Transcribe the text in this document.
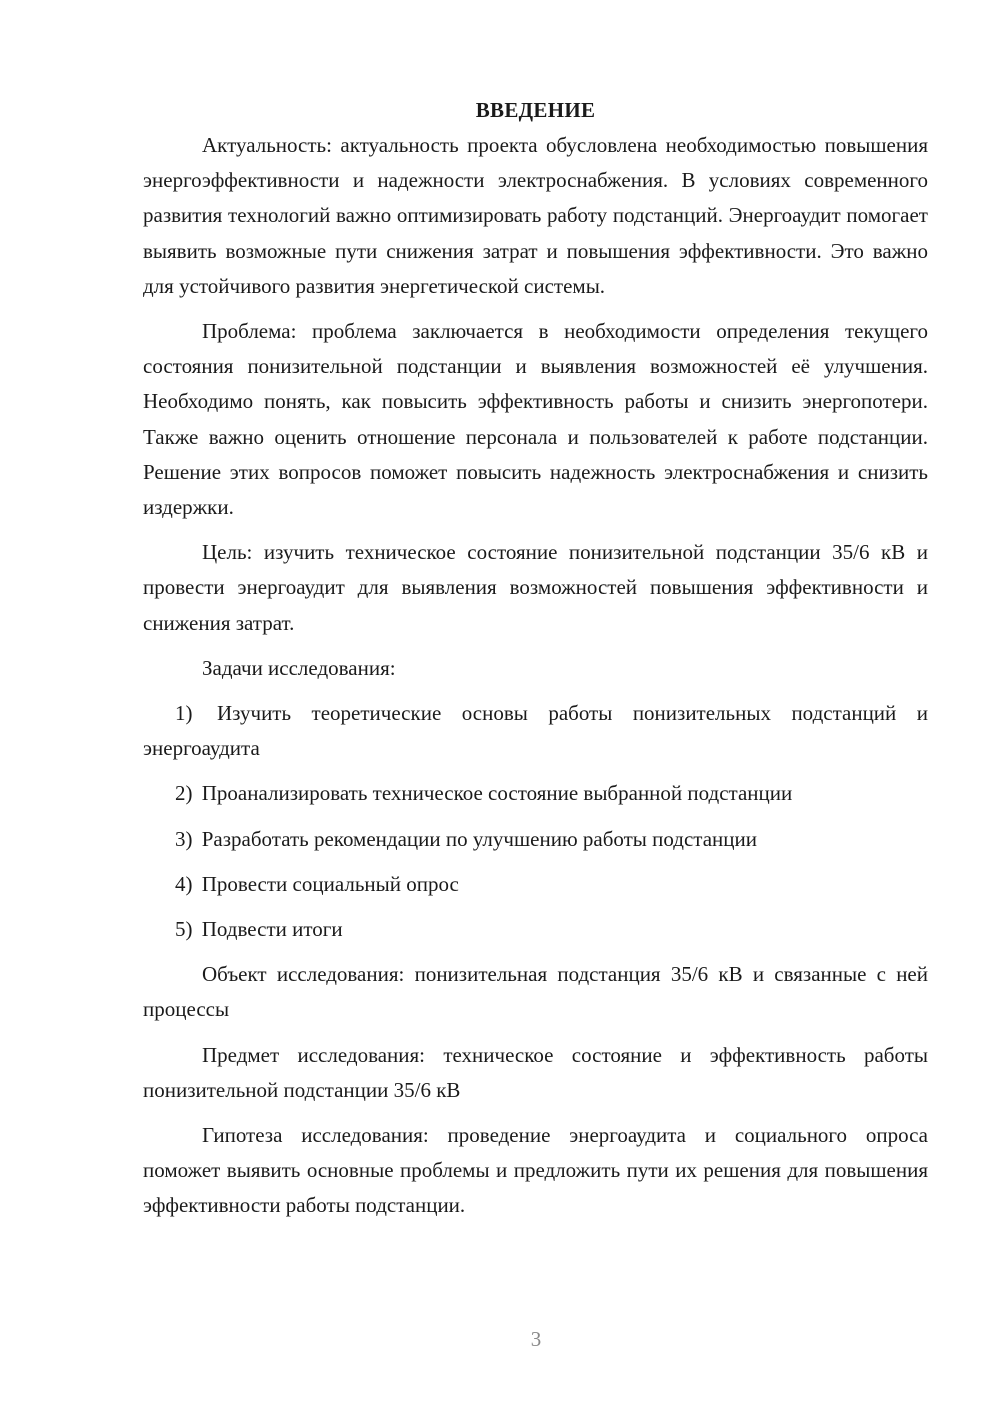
ВВЕДЕНИЕ

Актуальность: актуальность проекта обусловлена необходимостью повышения энергоэффективности и надежности электроснабжения. В условиях современного развития технологий важно оптимизировать работу подстанций. Энергоаудит помогает выявить возможные пути снижения затрат и повышения эффективности. Это важно для устойчивого развития энергетической системы.

Проблема: проблема заключается в необходимости определения текущего состояния понизительной подстанции и выявления возможностей её улучшения. Необходимо понять, как повысить эффективность работы и снизить энергопотери. Также важно оценить отношение персонала и пользователей к работе подстанции. Решение этих вопросов поможет повысить надежность электроснабжения и снизить издержки.

Цель: изучить техническое состояние понизительной подстанции 35/6 кВ и провести энергоаудит для выявления возможностей повышения эффективности и снижения затрат.

Задачи исследования:

1) Изучить теоретические основы работы понизительных подстанций и энергоаудита

2) Проанализировать техническое состояние выбранной подстанции

3) Разработать рекомендации по улучшению работы подстанции

4) Провести социальный опрос

5) Подвести итоги

Объект исследования: понизительная подстанция 35/6 кВ и связанные с ней процессы

Предмет исследования: техническое состояние и эффективность работы понизительной подстанции 35/6 кВ

Гипотеза исследования: проведение энергоаудита и социального опроса поможет выявить основные проблемы и предложить пути их решения для повышения эффективности работы подстанции.

3
